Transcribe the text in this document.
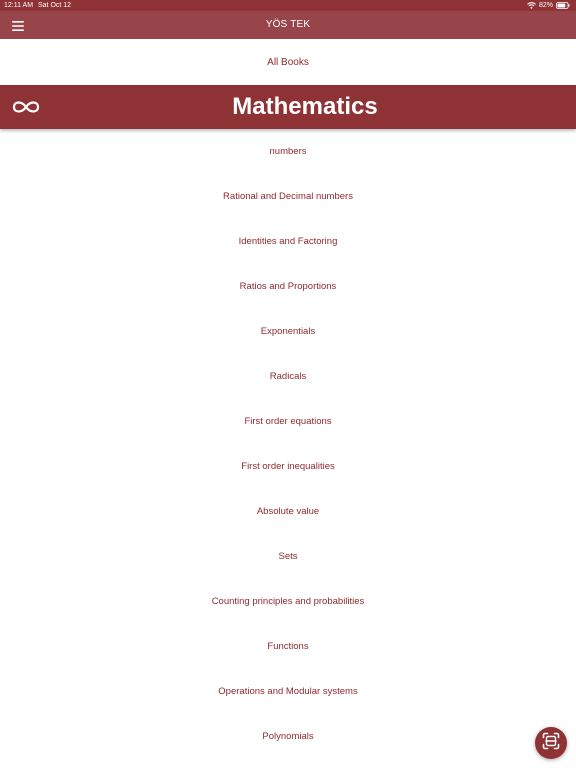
12:11 AM Sat Oct 12	82%
YÖS TEK
All Books
Mathematics
numbers
Rational and Decimal numbers
Identities and Factoring
Ratios and Proportions
Exponentials
Radicals
First order equations
First order inequalities
Absolute value
Sets
Counting principles and probabilities
Functions
Operations and Modular systems
Polynomials
